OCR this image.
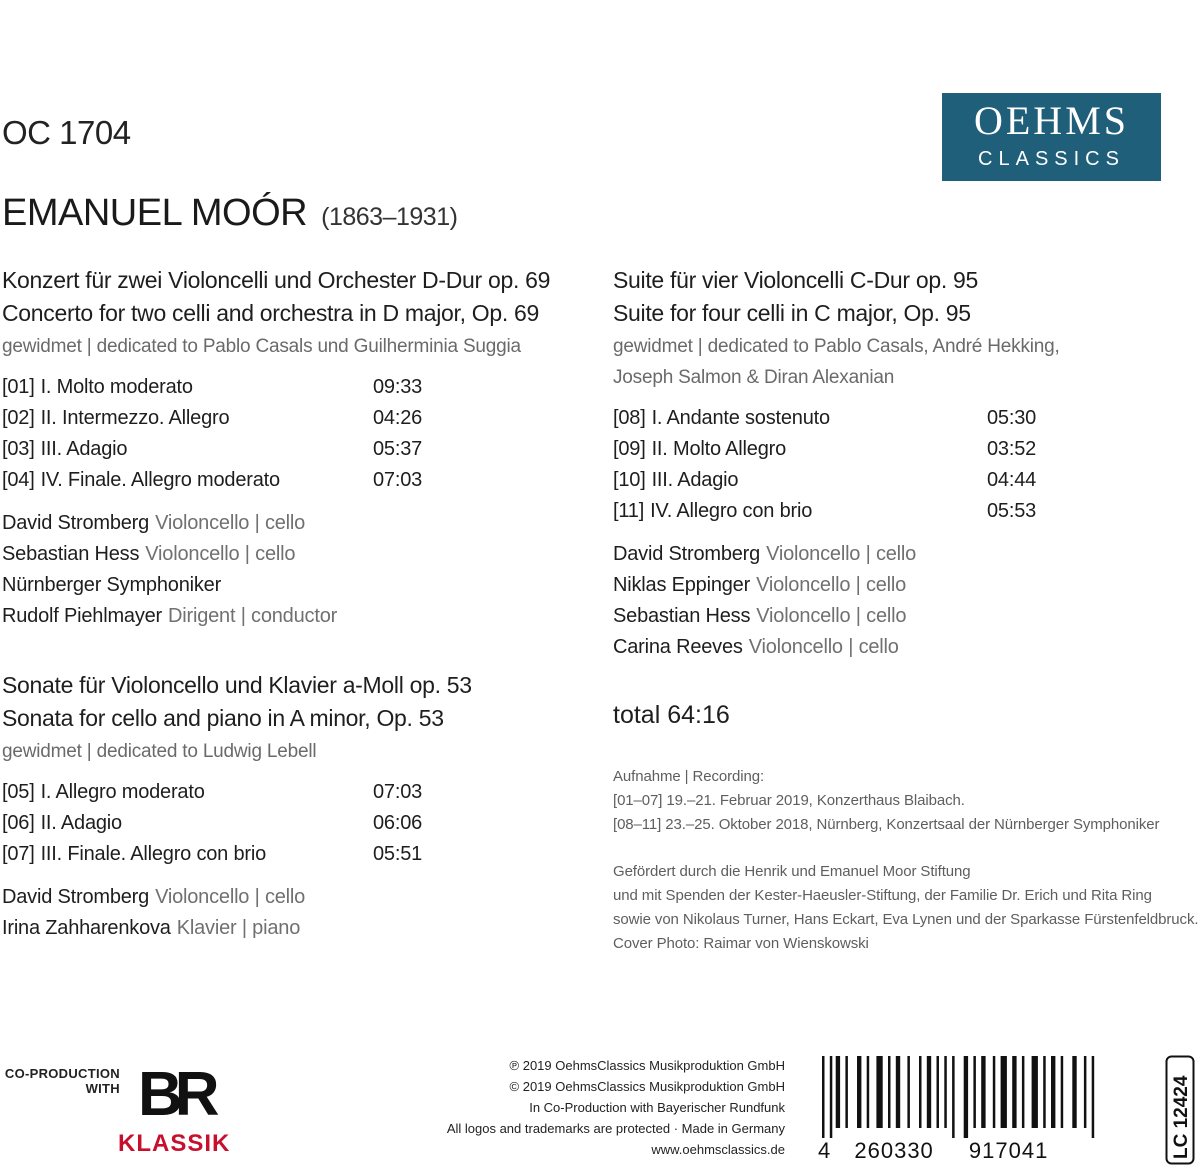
OC 1704
EMANUEL MOÓR (1863–1931)
OEHMS
CLASSICS
Konzert für zwei Violoncelli und Orchester D-Dur op. 69
Concerto for two celli and orchestra in D major, Op. 69
gewidmet | dedicated to Pablo Casals und Guilherminia Suggia
[01] I. Molto moderato	09:33
[02] II. Intermezzo. Allegro	04:26
[03] III. Adagio	05:37
[04] IV. Finale. Allegro moderato	07:03
David Stromberg Violoncello | cello
Sebastian Hess Violoncello | cello
Nürnberger Symphoniker
Rudolf Piehlmayer Dirigent | conductor
Sonate für Violoncello und Klavier a-Moll op. 53
Sonata for cello and piano in A minor, Op. 53
gewidmet | dedicated to Ludwig Lebell
[05] I. Allegro moderato	07:03
[06] II. Adagio	06:06
[07] III. Finale. Allegro con brio	05:51
David Stromberg Violoncello | cello
Irina Zahharenkova Klavier | piano
Suite für vier Violoncelli C-Dur op. 95
Suite for four celli in C major, Op. 95
gewidmet | dedicated to Pablo Casals, André Hekking,
Joseph Salmon & Diran Alexanian
[08] I. Andante sostenuto	05:30
[09] II. Molto Allegro	03:52
[10] III. Adagio	04:44
[11] IV. Allegro con brio	05:53
David Stromberg Violoncello | cello
Niklas Eppinger Violoncello | cello
Sebastian Hess Violoncello | cello
Carina Reeves Violoncello | cello
total 64:16
Aufnahme | Recording:
[01–07] 19.–21. Februar 2019, Konzerthaus Blaibach.
[08–11] 23.–25. Oktober 2018, Nürnberg, Konzertsaal der Nürnberger Symphoniker
Gefördert durch die Henrik und Emanuel Moor Stiftung
und mit Spenden der Kester-Haeusler-Stiftung, der Familie Dr. Erich und Rita Ring
sowie von Nikolaus Turner, Hans Eckart, Eva Lynen und der Sparkasse Fürstenfeldbruck.
Cover Photo: Raimar von Wienskowski
CO-PRODUCTION
WITH BR
KLASSIK
℗ 2019 OehmsClassics Musikproduktion GmbH
© 2019 OehmsClassics Musikproduktion GmbH
In Co-Production with Bayerischer Rundfunk
All logos and trademarks are protected · Made in Germany
www.oehmsclassics.de 4 260330 917041	LC 12424
